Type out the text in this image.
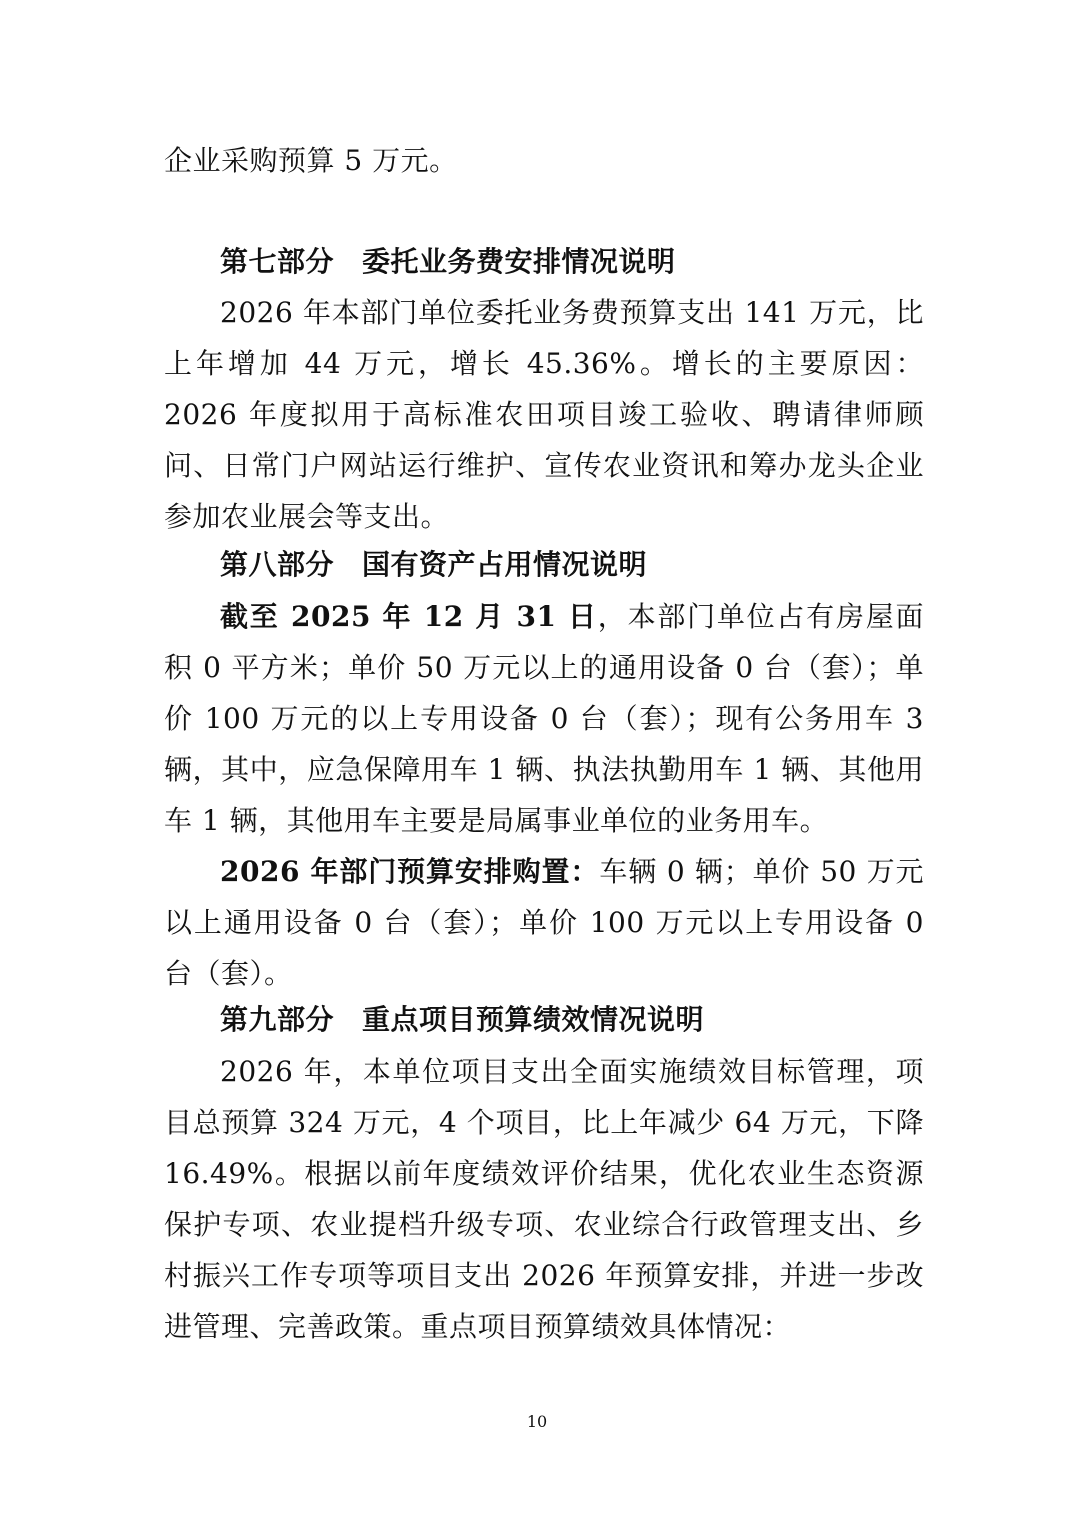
企业采购预算 5 万元。

第七部分 委托业务费安排情况说明

2026 年本部门单位委托业务费预算支出 141 万元，比上年增加 44 万元，增长 45.36%。增长的主要原因：2026 年度拟用于高标准农田项目竣工验收、聘请律师顾问、日常门户网站运行维护、宣传农业资讯和筹办龙头企业参加农业展会等支出。

第八部分 国有资产占用情况说明

截至 2025 年 12 月 31 日，本部门单位占有房屋面积 0 平方米；单价 50 万元以上的通用设备 0 台（套）；单价 100 万元的以上专用设备 0 台（套）；现有公务用车 3 辆，其中，应急保障用车 1 辆、执法执勤用车 1 辆、其他用车 1 辆，其他用车主要是局属事业单位的业务用车。

2026 年部门预算安排购置：车辆 0 辆；单价 50 万元以上通用设备 0 台（套）；单价 100 万元以上专用设备 0 台（套）。

第九部分 重点项目预算绩效情况说明

2026 年，本单位项目支出全面实施绩效目标管理，项目总预算 324 万元，4 个项目，比上年减少 64 万元，下降 16.49%。根据以前年度绩效评价结果，优化农业生态资源保护专项、农业提档升级专项、农业综合行政管理支出、乡村振兴工作专项等项目支出 2026 年预算安排，并进一步改进管理、完善政策。重点项目预算绩效具体情况：

10
